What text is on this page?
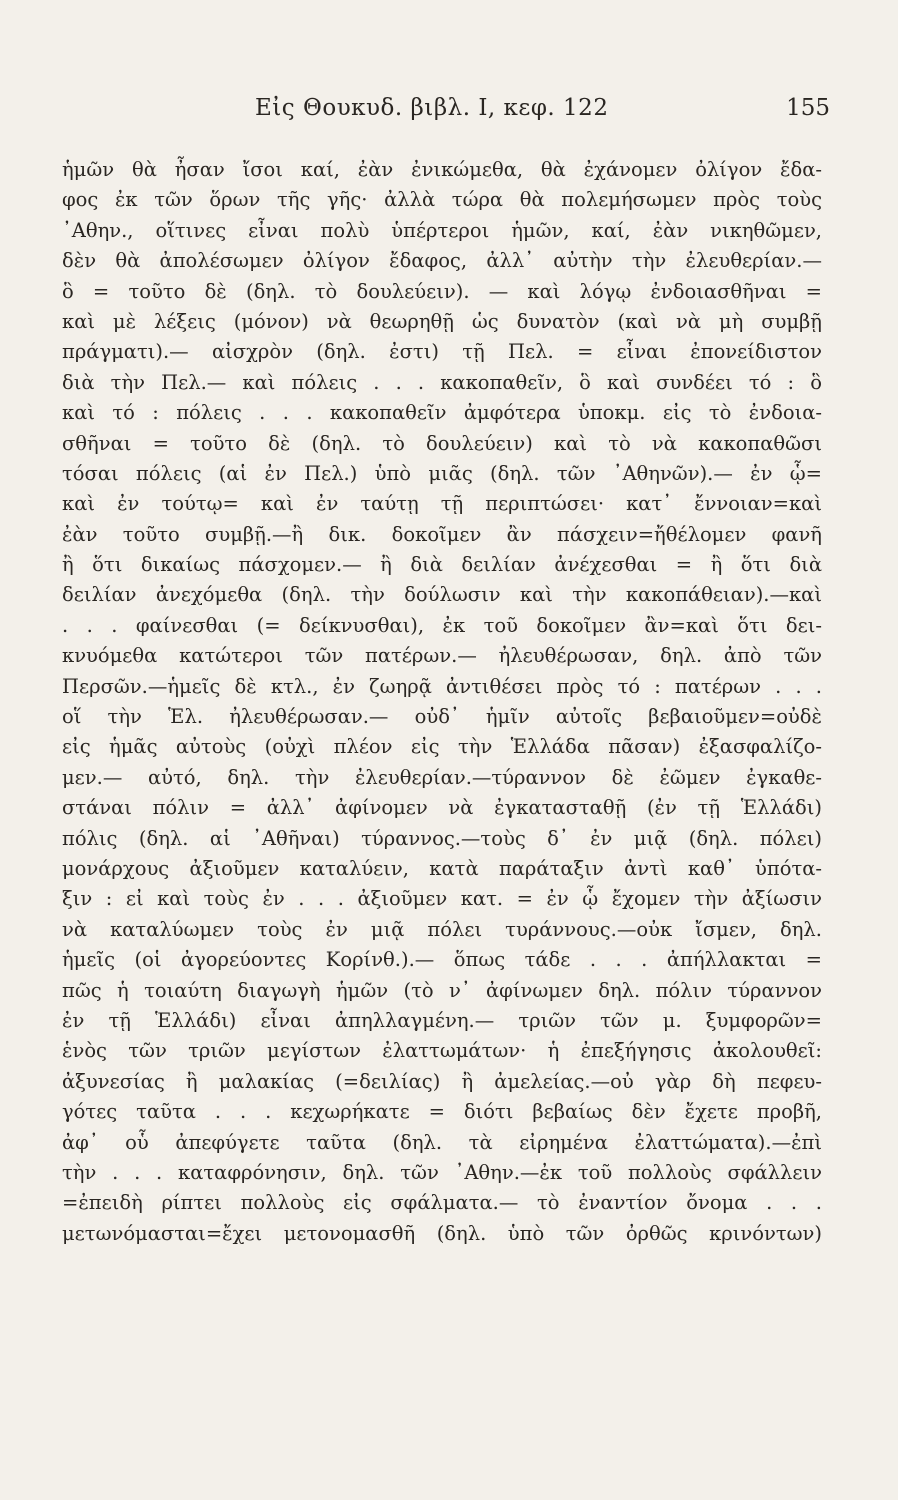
Εἰς Θουκυδ. βιβλ. Ι, κεφ. 122	155
ἡμῶν θὰ ἦσαν ἴσοι καί, ἐὰν ἐνικώμεθα, θὰ ἐχάνομεν ὀλίγον ἔδα-
φος ἐκ τῶν ὅρων τῆς γῆς· ἀλλὰ τώρα θὰ πολεμήσωμεν πρὸς τοὺς
᾿Αθην., οἵτινες εἶναι πολὺ ὑπέρτεροι ἡμῶν, καί, ἐὰν νικηθῶμεν,
δὲν θὰ ἀπολέσωμεν ὀλίγον ἔδαφος, ἀλλ᾽ αὐτὴν τὴν ἐλευθερίαν.—
ὃ = τοῦτο δὲ (δηλ. τὸ δουλεύειν). — καὶ λόγῳ ἐνδοιασθῆναι =
καὶ μὲ λέξεις (μόνον) νὰ θεωρηθῇ ὡς δυνατὸν (καὶ νὰ μὴ συμβῇ
πράγματι).— αἰσχρὸν (δηλ. ἐστι) τῇ Πελ. = εἶναι ἐπονείδιστον
διὰ τὴν Πελ.— καὶ πόλεις . . . κακοπαθεῖν, ὃ καὶ συνδέει τό : ὃ
καὶ τό : πόλεις . . . κακοπαθεῖν ἀμφότερα ὑποκμ. εἰς τὸ ἐνδοια-
σθῆναι = τοῦτο δὲ (δηλ. τὸ δουλεύειν) καὶ τὸ νὰ κακοπαθῶσι
τόσαι πόλεις (αἱ ἐν Πελ.) ὑπὸ μιᾶς (δηλ. τῶν ᾿Αθηνῶν).— ἐν ᾧ=
καὶ ἐν τούτῳ= καὶ ἐν ταύτῃ τῇ περιπτώσει· κατ᾽ ἔννοιαν=καὶ
ἐὰν τοῦτο συμβῇ.—ἢ δικ. δοκοῖμεν ἂν πάσχειν=ἤθέλομεν φανῆ
ἢ ὅτι δικαίως πάσχομεν.— ἢ διὰ δειλίαν ἀνέχεσθαι = ἢ ὅτι διὰ
δειλίαν ἀνεχόμεθα (δηλ. τὴν δούλωσιν καὶ τὴν κακοπάθειαν).—καὶ
. . . φαίνεσθαι (= δείκνυσθαι), ἐκ τοῦ δοκοῖμεν ἂν=καὶ ὅτι δει-
κνυόμεθα κατώτεροι τῶν πατέρων.— ἠλευθέρωσαν, δηλ. ἀπὸ τῶν
Περσῶν.—ἡμεῖς δὲ κτλ., ἐν ζωηρᾷ ἀντιθέσει πρὸς τό : πατέρων . . .
οἵ τὴν Ἑλ. ἠλευθέρωσαν.— οὐδ᾽ ἡμῖν αὐτοῖς βεβαιοῦμεν=οὐδὲ
εἰς ἡμᾶς αὐτοὺς (οὐχὶ πλέον εἰς τὴν Ἑλλάδα πᾶσαν) ἐξασφαλίζο-
μεν.— αὐτό, δηλ. τὴν ἐλευθερίαν.—τύραννον δὲ ἐῶμεν ἐγκαθε-
στάναι πόλιν = ἀλλ᾽ ἀφίνομεν νὰ ἐγκατασταθῇ (ἐν τῇ Ἑλλάδι)
πόλις (δηλ. αἱ ᾿Αθῆναι) τύραννος.—τοὺς δ᾽ ἐν μιᾷ (δηλ. πόλει)
μονάρχους ἀξιοῦμεν καταλύειν, κατὰ παράταξιν ἀντὶ καθ᾽ ὑπότα-
ξιν : εἰ καὶ τοὺς ἐν . . . ἀξιοῦμεν κατ. = ἐν ᾧ ἔχομεν τὴν ἀξίωσιν
νὰ καταλύωμεν τοὺς ἐν μιᾷ πόλει τυράννους.—οὐκ ἴσμεν, δηλ.
ἡμεῖς (οἱ ἀγορεύοντες Κορίνθ.).— ὅπως τάδε . . . ἀπήλλακται =
πῶς ἡ τοιαύτη διαγωγὴ ἡμῶν (τὸ ν᾽ ἀφίνωμεν δηλ. πόλιν τύραννον
ἐν τῇ Ἑλλάδι) εἶναι ἀπηλλαγμένη.— τριῶν τῶν μ. ξυμφορῶν=
ἑνὸς τῶν τριῶν μεγίστων ἐλαττωμάτων· ἡ ἐπεξήγησις ἀκολουθεῖ:
ἀξυνεσίας ἢ μαλακίας (=δειλίας) ἢ ἀμελείας.—οὐ γὰρ δὴ πεφευ-
γότες ταῦτα . . . κεχωρήκατε = διότι βεβαίως δὲν ἔχετε προβῆ,
ἀφ᾽ οὗ ἀπεφύγετε ταῦτα (δηλ. τὰ εἰρημένα ἐλαττώματα).—ἐπὶ
τὴν . . . καταφρόνησιν, δηλ. τῶν ᾿Αθην.—ἐκ τοῦ πολλοὺς σφάλλειν
=ἐπειδὴ ρίπτει πολλοὺς εἰς σφάλματα.— τὸ ἐναντίον ὄνομα . . .
μετωνόμασται=ἔχει μετονομασθῆ (δηλ. ὑπὸ τῶν ὀρθῶς κρινόντων)
